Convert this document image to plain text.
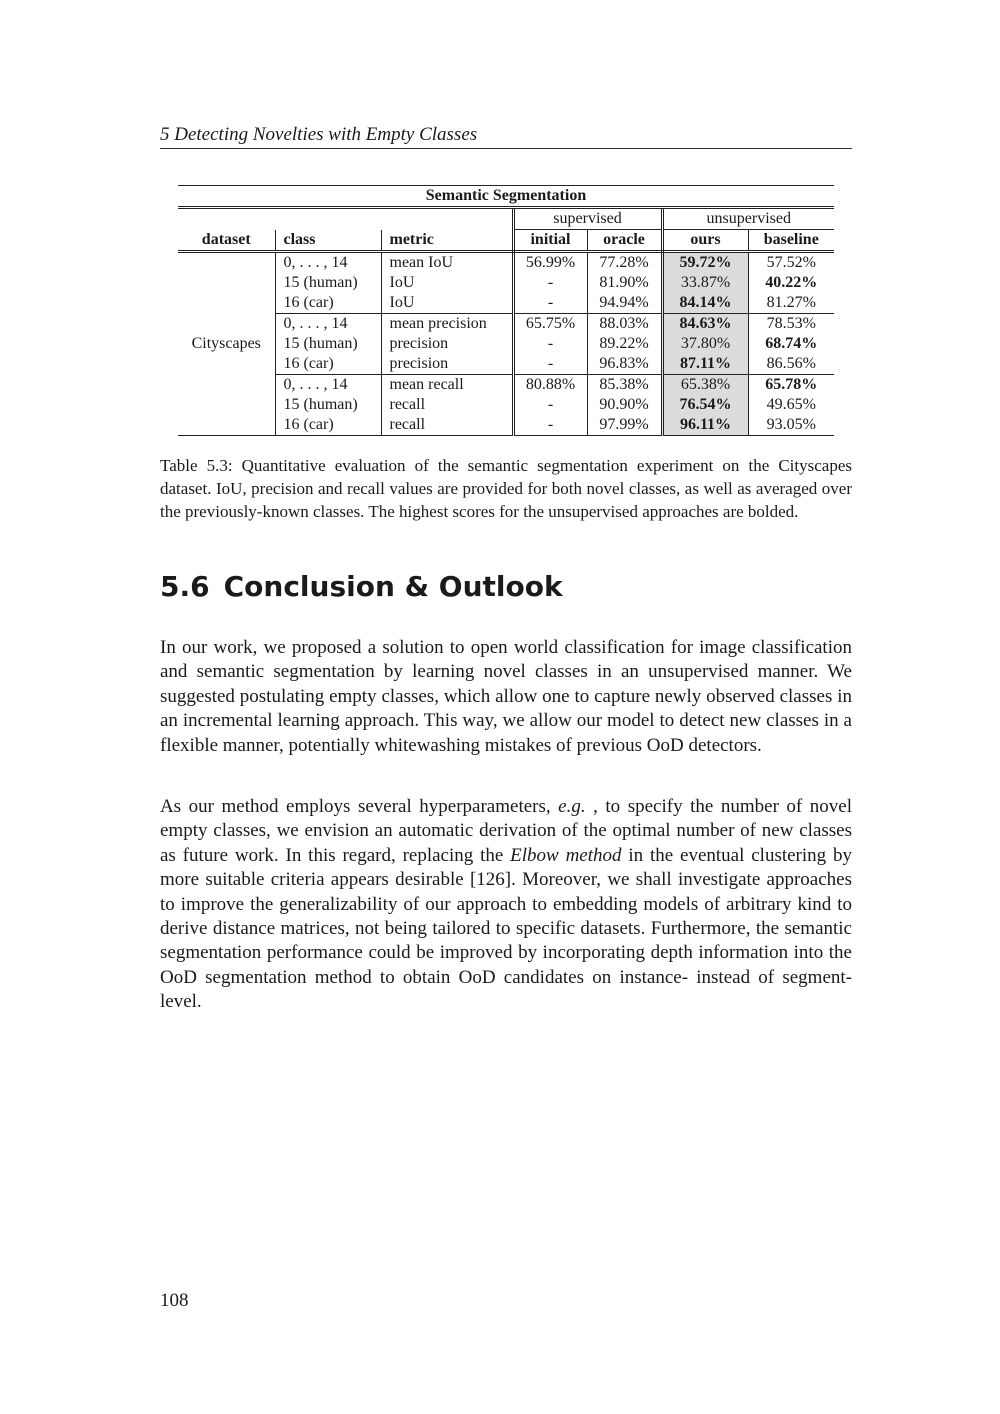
5 Detecting Novelties with Empty Classes
Semantic Segmentation						
			supervised		unsupervised	
dataset	class	metric	initial	oracle	ours	baseline
Cityscapes	0, . . . , 14	mean IoU	56.99%	77.28%	59.72%	57.52%
	15 (human)	IoU	-	81.90%	33.87%	40.22%
	16 (car)	IoU	-	94.94%	84.14%	81.27%
	0, . . . , 14	mean precision	65.75%	88.03%	84.63%	78.53%
	15 (human)	precision	-	89.22%	37.80%	68.74%
	16 (car)	precision	-	96.83%	87.11%	86.56%
	0, . . . , 14	mean recall	80.88%	85.38%	65.38%	65.78%
	15 (human)	recall	-	90.90%	76.54%	49.65%
	16 (car)	recall	-	97.99%	96.11%	93.05%
Table 5.3: Quantitative evaluation of the semantic segmentation experiment on the Cityscapes dataset. IoU, precision and recall values are provided for both novel classes, as well as averaged over the previously-known classes. The highest scores for the unsupervised approaches are bolded.
5.6 Conclusion & Outlook

In our work, we proposed a solution to open world classification for image classification and semantic segmentation by learning novel classes in an unsupervised manner. We suggested postulating empty classes, which allow one to capture newly observed classes in an incremental learning approach. This way, we allow our model to detect new classes in a flexible manner, potentially whitewashing mistakes of previous OoD detectors.

As our method employs several hyperparameters, e.g. , to specify the number of novel empty classes, we envision an automatic derivation of the optimal number of new classes as future work. In this regard, replacing the Elbow method in the eventual clustering by more suitable criteria appears desirable [126]. Moreover, we shall investigate approaches to improve the generalizability of our approach to embedding models of arbitrary kind to derive distance matrices, not being tailored to specific datasets. Furthermore, the semantic segmentation performance could be improved by incorporating depth information into the OoD segmentation method to obtain OoD candidates on instance- instead of segment-level.

108
